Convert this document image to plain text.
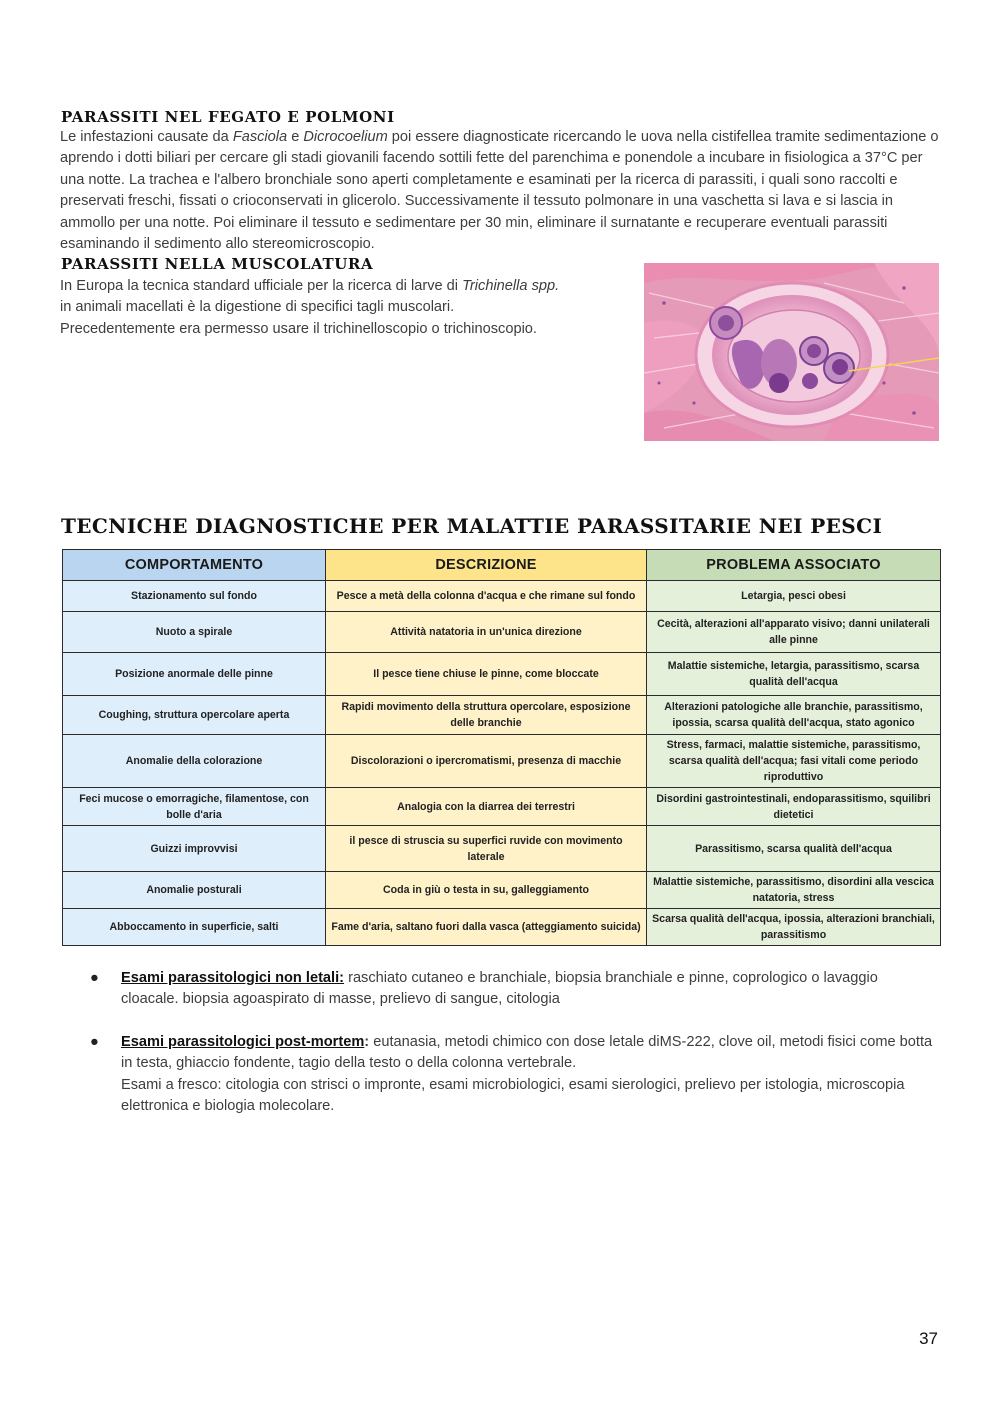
PARASSITI NEL FEGATO E POLMONI

Le infestazioni causate da Fasciola e Dicrocoelium poi essere diagnosticate ricercando le uova nella cistifellea tramite sedimentazione o aprendo i dotti biliari per cercare gli stadi giovanili facendo sottili fette del parenchima e ponendole a incubare in fisiologica a 37°C per una notte. La trachea e l'albero bronchiale sono aperti completamente e esaminati per la ricerca di parassiti, i quali sono raccolti e preservati freschi, fissati o crioconservati in glicerolo. Successivamente il tessuto polmonare in una vaschetta si lava e si lascia in ammollo per una notte. Poi eliminare il tessuto e sedimentare per 30 min, eliminare il surnatante e recuperare eventuali parassiti esaminando il sedimento allo stereomicroscopio.

PARASSITI NELLA MUSCOLATURA
In Europa la tecnica standard ufficiale per la ricerca di larve di Trichinella spp.
in animali macellati è la digestione di specifici tagli muscolari.
Precedentemente era permesso usare il trichinelloscopio o trichinoscopio.
TECNICHE DIAGNOSTICHE PER MALATTIE PARASSITARIE NEI PESCI
COMPORTAMENTO	DESCRIZIONE	PROBLEMA ASSOCIATO
Stazionamento sul fondo	Pesce a metà della colonna d'acqua e che rimane sul fondo	Letargia, pesci obesi
Nuoto a spirale	Attività natatoria in un'unica direzione	Cecità, alterazioni all'apparato visivo; danni unilaterali alle pinne
Posizione anormale delle pinne	Il pesce tiene chiuse le pinne, come bloccate	Malattie sistemiche, letargia, parassitismo, scarsa qualità dell'acqua
Coughing, struttura opercolare aperta	Rapidi movimento della struttura opercolare, esposizione delle branchie	Alterazioni patologiche alle branchie, parassitismo, ipossia, scarsa qualità dell'acqua, stato agonico
Anomalie della colorazione	Discolorazioni o ipercromatismi, presenza di macchie	Stress, farmaci, malattie sistemiche, parassitismo, scarsa qualità dell'acqua; fasi vitali come periodo riproduttivo
Feci mucose o emorragiche, filamentose, con bolle d'aria	Analogia con la diarrea dei terrestri	Disordini gastrointestinali, endoparassitismo, squilibri dietetici
Guizzi improvvisi	il pesce di struscia su superfici ruvide con movimento laterale	Parassitismo, scarsa qualità dell'acqua
Anomalie posturali	Coda in giù o testa in su, galleggiamento	Malattie sistemiche, parassitismo, disordini alla vescica natatoria, stress
Abboccamento in superficie, salti	Fame d'aria, saltano fuori dalla vasca (atteggiamento suicida)	Scarsa qualità dell'acqua, ipossia, alterazioni branchiali, parassitismo
● Esami parassitologici non letali: raschiato cutaneo e branchiale, biopsia branchiale e pinne, coprologico o lavaggio cloacale. biopsia agoaspirato di masse, prelievo di sangue, citologia
● Esami parassitologici post-mortem: eutanasia, metodi chimico con dose letale diMS-222, clove oil, metodi fisici come botta in testa, ghiaccio fondente, tagio della testo o della colonna vertebrale.
Esami a fresco: citologia con strisci o impronte, esami microbiologici, esami sierologici, prelievo per istologia, microscopia elettronica e biologia molecolare.
37
